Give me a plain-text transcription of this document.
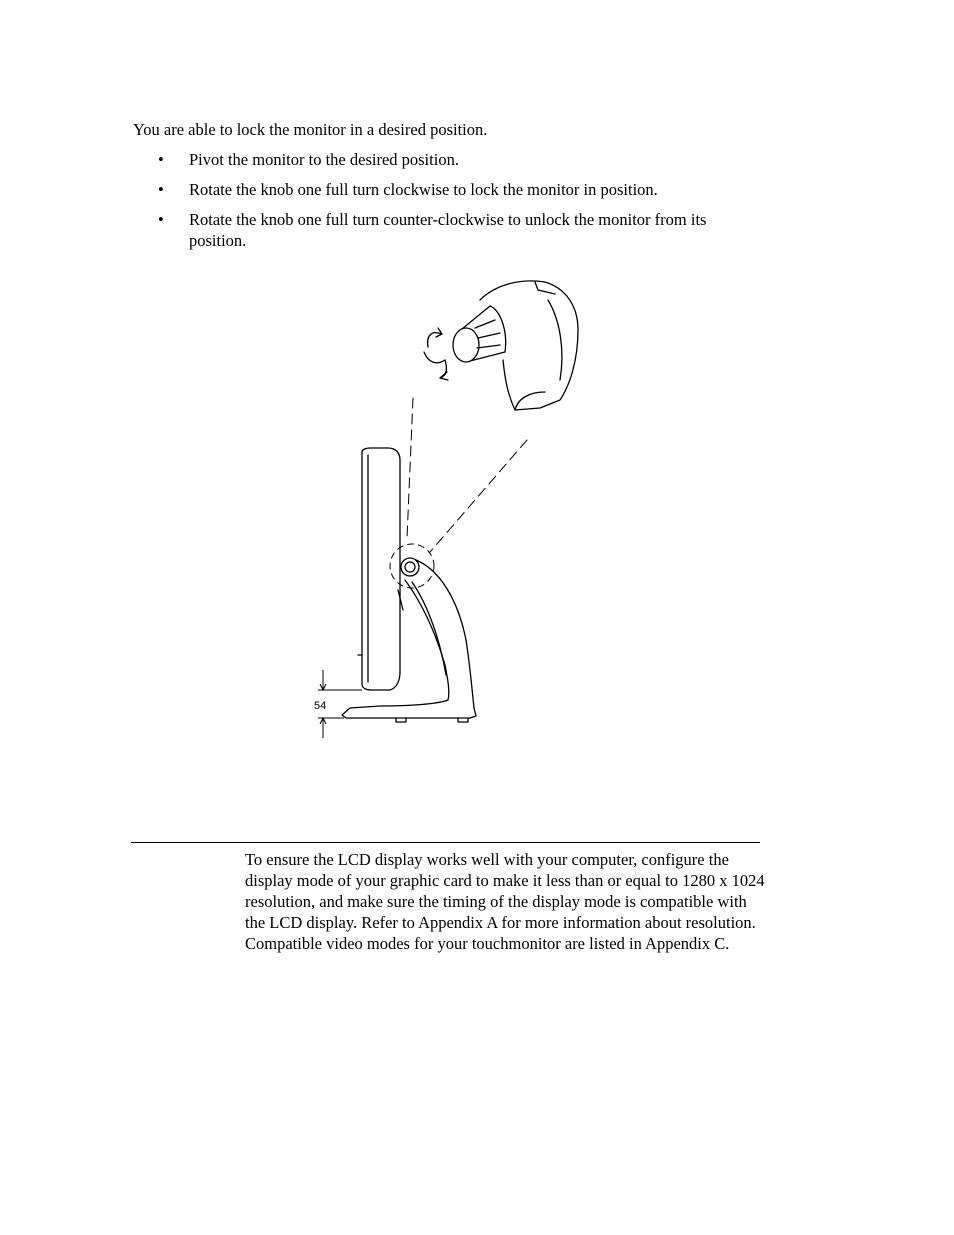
You are able to lock the monitor in a desired position.

• Pivot the monitor to the desired position.
• Rotate the knob one full turn clockwise to lock the monitor in position.
• Rotate the knob one full turn counter-clockwise to unlock the monitor from its position.
54

To ensure the LCD display works well with your computer, configure the display mode of your graphic card to make it less than or equal to 1280 x 1024 resolution, and make sure the timing of the display mode is compatible with the LCD display. Refer to Appendix A for more information about resolution. Compatible video modes for your touchmonitor are listed in Appendix C.
